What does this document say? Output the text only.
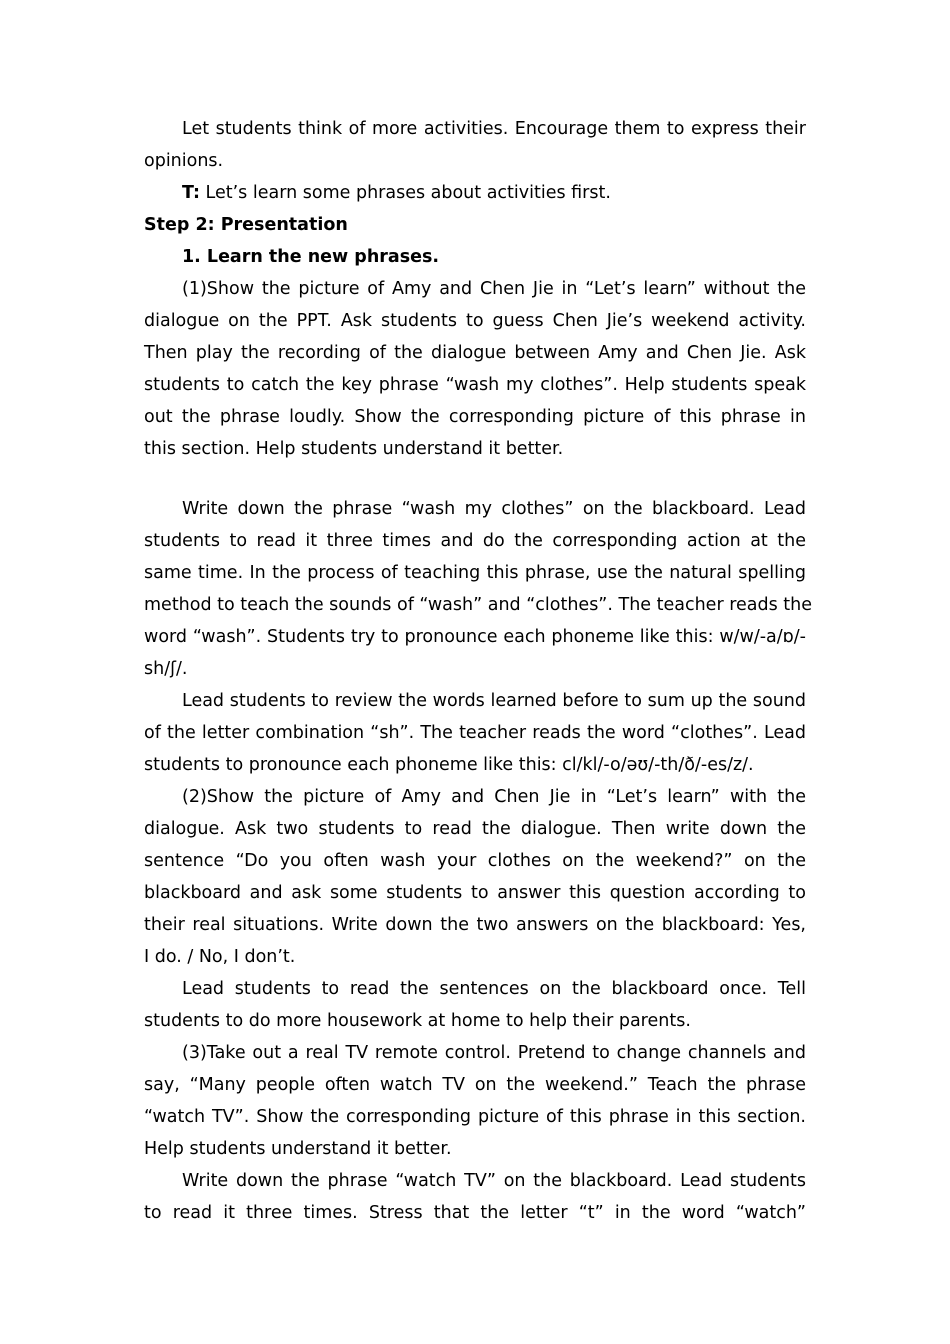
Let students think of more activities. Encourage them to express their
opinions.
T: Let’s learn some phrases about activities first.
Step 2: Presentation
1. Learn the new phrases.
(1)Show the picture of Amy and Chen Jie in “Let’s learn” without the
dialogue on the PPT. Ask students to guess Chen Jie’s weekend activity.
Then play the recording of the dialogue between Amy and Chen Jie. Ask
students to catch the key phrase “wash my clothes”. Help students speak
out the phrase loudly. Show the corresponding picture of this phrase in
this section. Help students understand it better.
Write down the phrase “wash my clothes” on the blackboard. Lead
students to read it three times and do the corresponding action at the
same time. In the process of teaching this phrase, use the natural spelling
method to teach the sounds of “wash” and “clothes”. The teacher reads the
word “wash”. Students try to pronounce each phoneme like this: w/w/-a/ɒ/-
sh/ʃ/.
Lead students to review the words learned before to sum up the sound
of the letter combination “sh”. The teacher reads the word “clothes”. Lead
students to pronounce each phoneme like this: cl/kl/-o/əʊ/-th/ð/-es/z/.
(2)Show the picture of Amy and Chen Jie in “Let’s learn” with the
dialogue. Ask two students to read the dialogue. Then write down the
sentence “Do you often wash your clothes on the weekend?” on the
blackboard and ask some students to answer this question according to
their real situations. Write down the two answers on the blackboard: Yes,
I do. / No, I don’t.
Lead students to read the sentences on the blackboard once. Tell
students to do more housework at home to help their parents.
(3)Take out a real TV remote control. Pretend to change channels and
say, “Many people often watch TV on the weekend.” Teach the phrase
“watch TV”. Show the corresponding picture of this phrase in this section.
Help students understand it better.
Write down the phrase “watch TV” on the blackboard. Lead students
to read it three times. Stress that the letter “t” in the word “watch”
